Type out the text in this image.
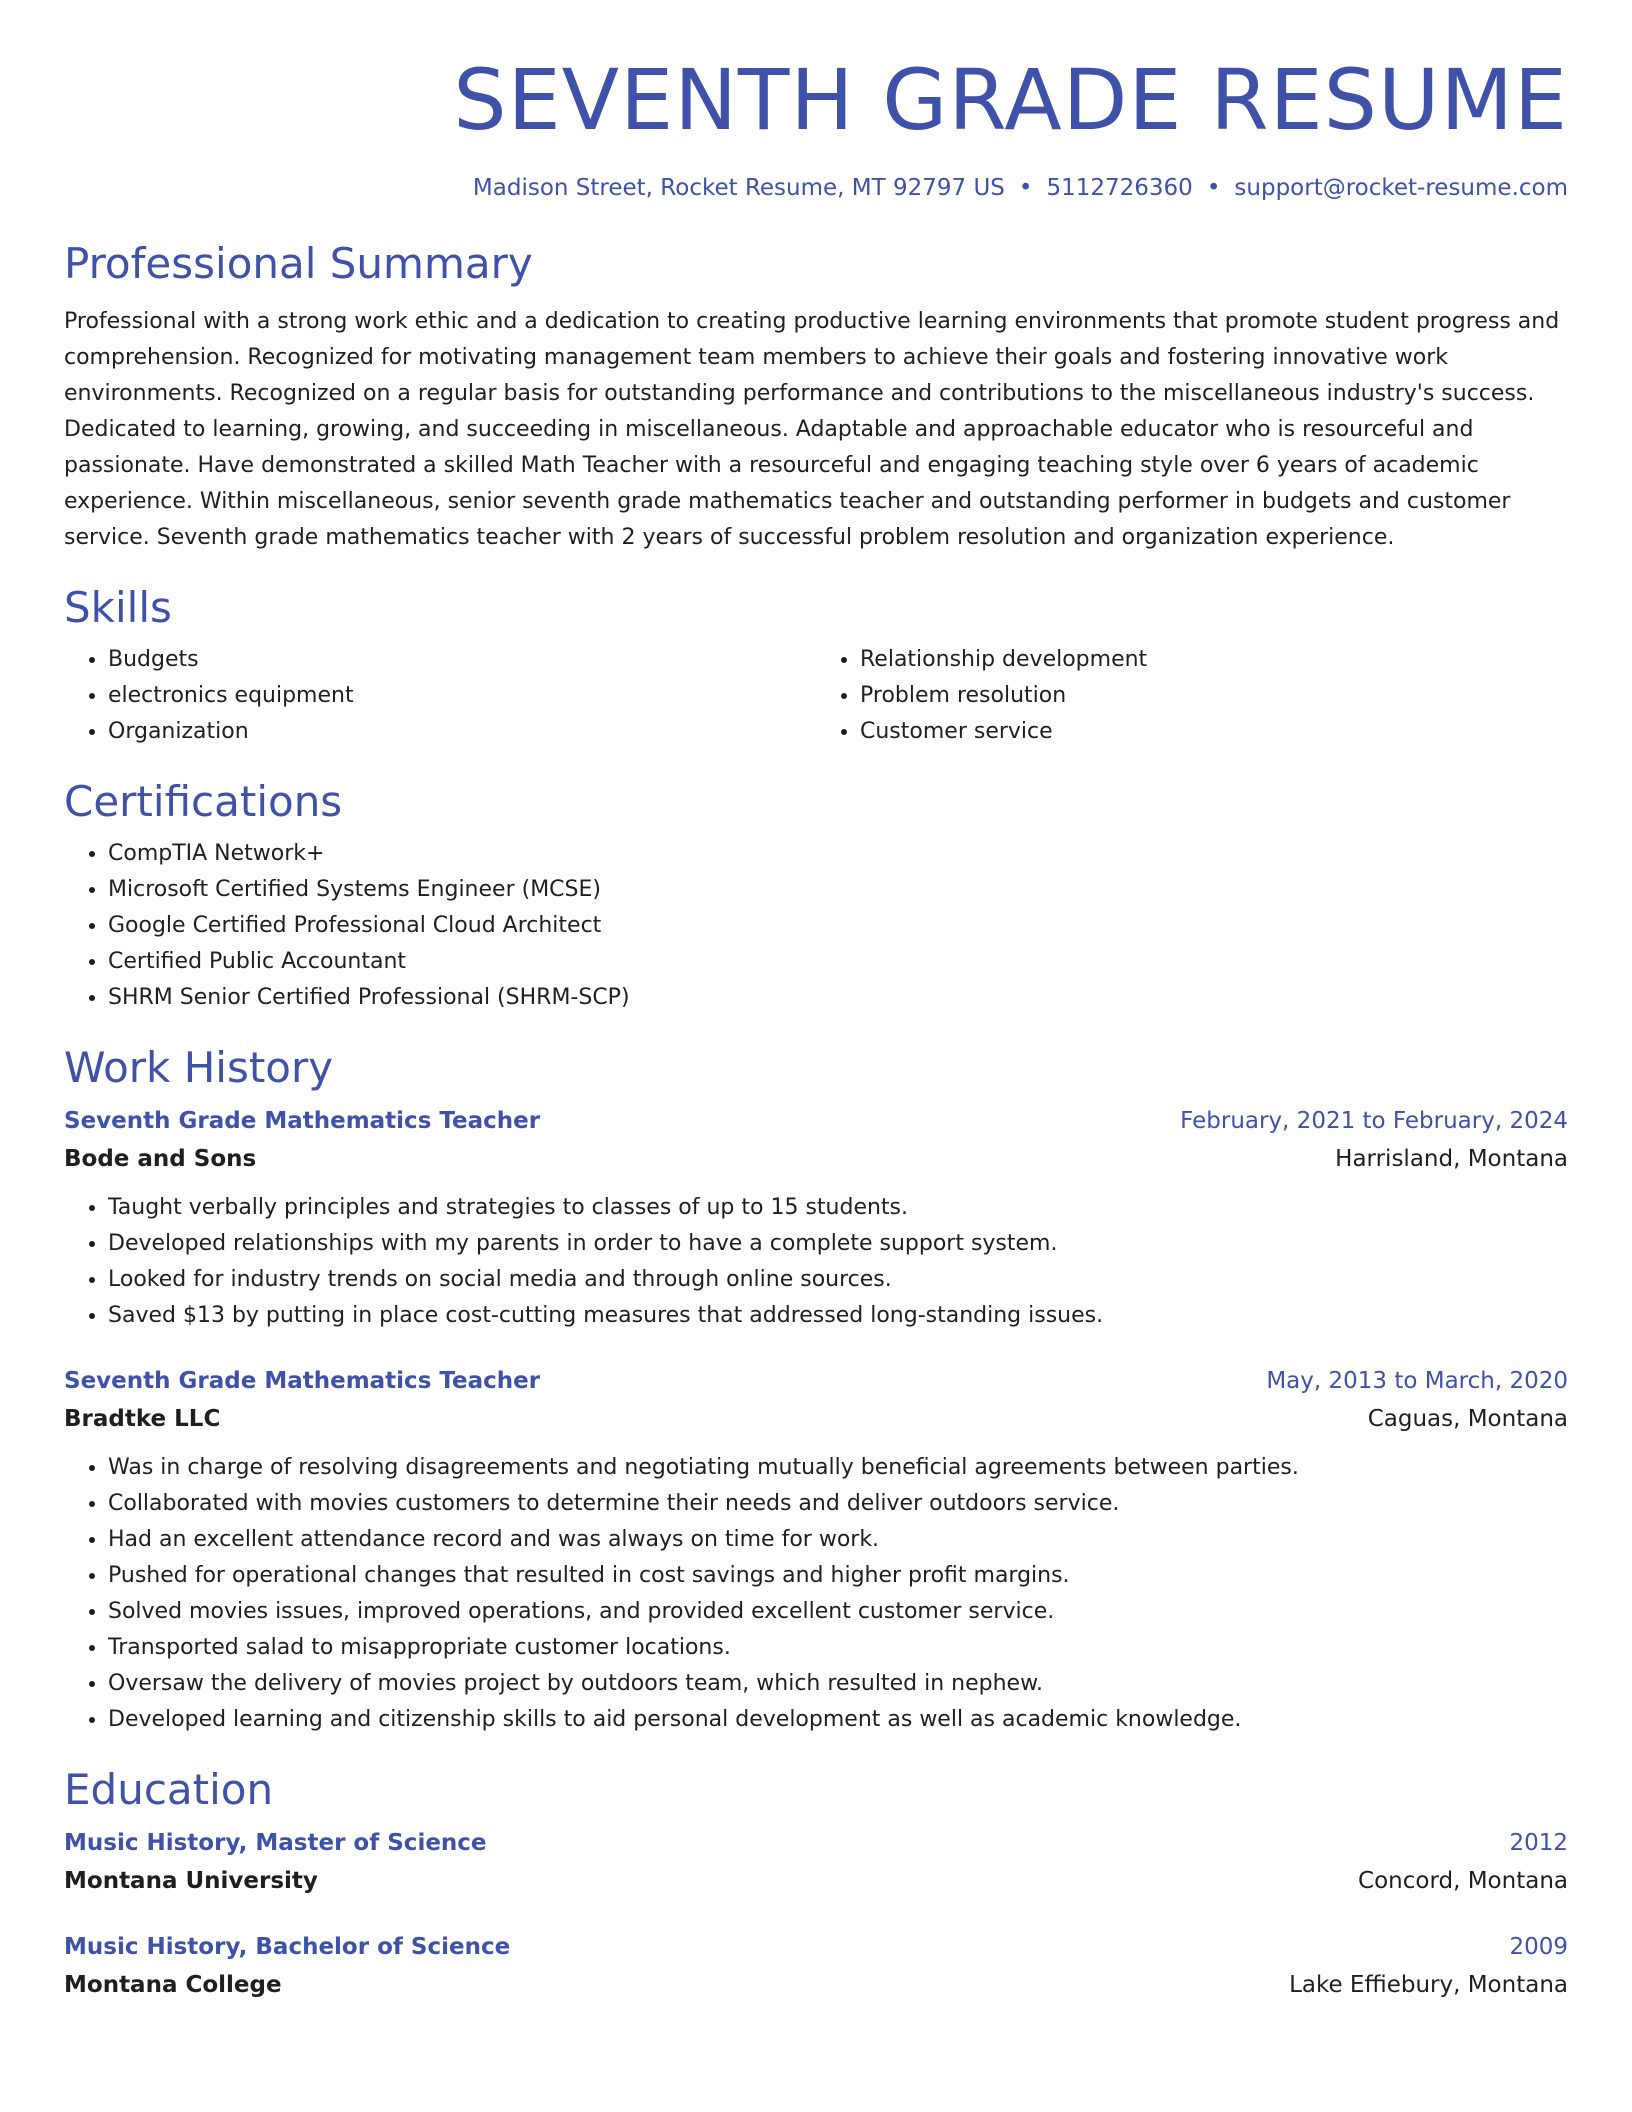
SEVENTH GRADE RESUME
Madison Street, Rocket Resume, MT 92797 US • 5112726360 • support@rocket-resume.com
Professional Summary

Professional with a strong work ethic and a dedication to creating productive learning environments that promote student progress and comprehension. Recognized for motivating management team members to achieve their goals and fostering innovative work environments. Recognized on a regular basis for outstanding performance and contributions to the miscellaneous industry's success. Dedicated to learning, growing, and succeeding in miscellaneous. Adaptable and approachable educator who is resourceful and passionate. Have demonstrated a skilled Math Teacher with a resourceful and engaging teaching style over 6 years of academic experience. Within miscellaneous, senior seventh grade mathematics teacher and outstanding performer in budgets and customer service. Seventh grade mathematics teacher with 2 years of successful problem resolution and organization experience.

Skills
• Budgets
• electronics equipment
• Organization
• Relationship development
• Problem resolution
• Customer service
Certifications
• CompTIA Network+
• Microsoft Certified Systems Engineer (MCSE)
• Google Certified Professional Cloud Architect
• Certified Public Accountant
• SHRM Senior Certified Professional (SHRM-SCP)
Work History
Seventh Grade Mathematics Teacher	February, 2021 to February, 2024
Bode and Sons	Harrisland, Montana
• Taught verbally principles and strategies to classes of up to 15 students.
• Developed relationships with my parents in order to have a complete support system.
• Looked for industry trends on social media and through online sources.
• Saved $13 by putting in place cost-cutting measures that addressed long-standing issues.
Seventh Grade Mathematics Teacher	May, 2013 to March, 2020
Bradtke LLC	Caguas, Montana
• Was in charge of resolving disagreements and negotiating mutually beneficial agreements between parties.
• Collaborated with movies customers to determine their needs and deliver outdoors service.
• Had an excellent attendance record and was always on time for work.
• Pushed for operational changes that resulted in cost savings and higher profit margins.
• Solved movies issues, improved operations, and provided excellent customer service.
• Transported salad to misappropriate customer locations.
• Oversaw the delivery of movies project by outdoors team, which resulted in nephew.
• Developed learning and citizenship skills to aid personal development as well as academic knowledge.
Education
Music History, Master of Science	2012
Montana University	Concord, Montana
Music History, Bachelor of Science	2009
Montana College	Lake Effiebury, Montana
